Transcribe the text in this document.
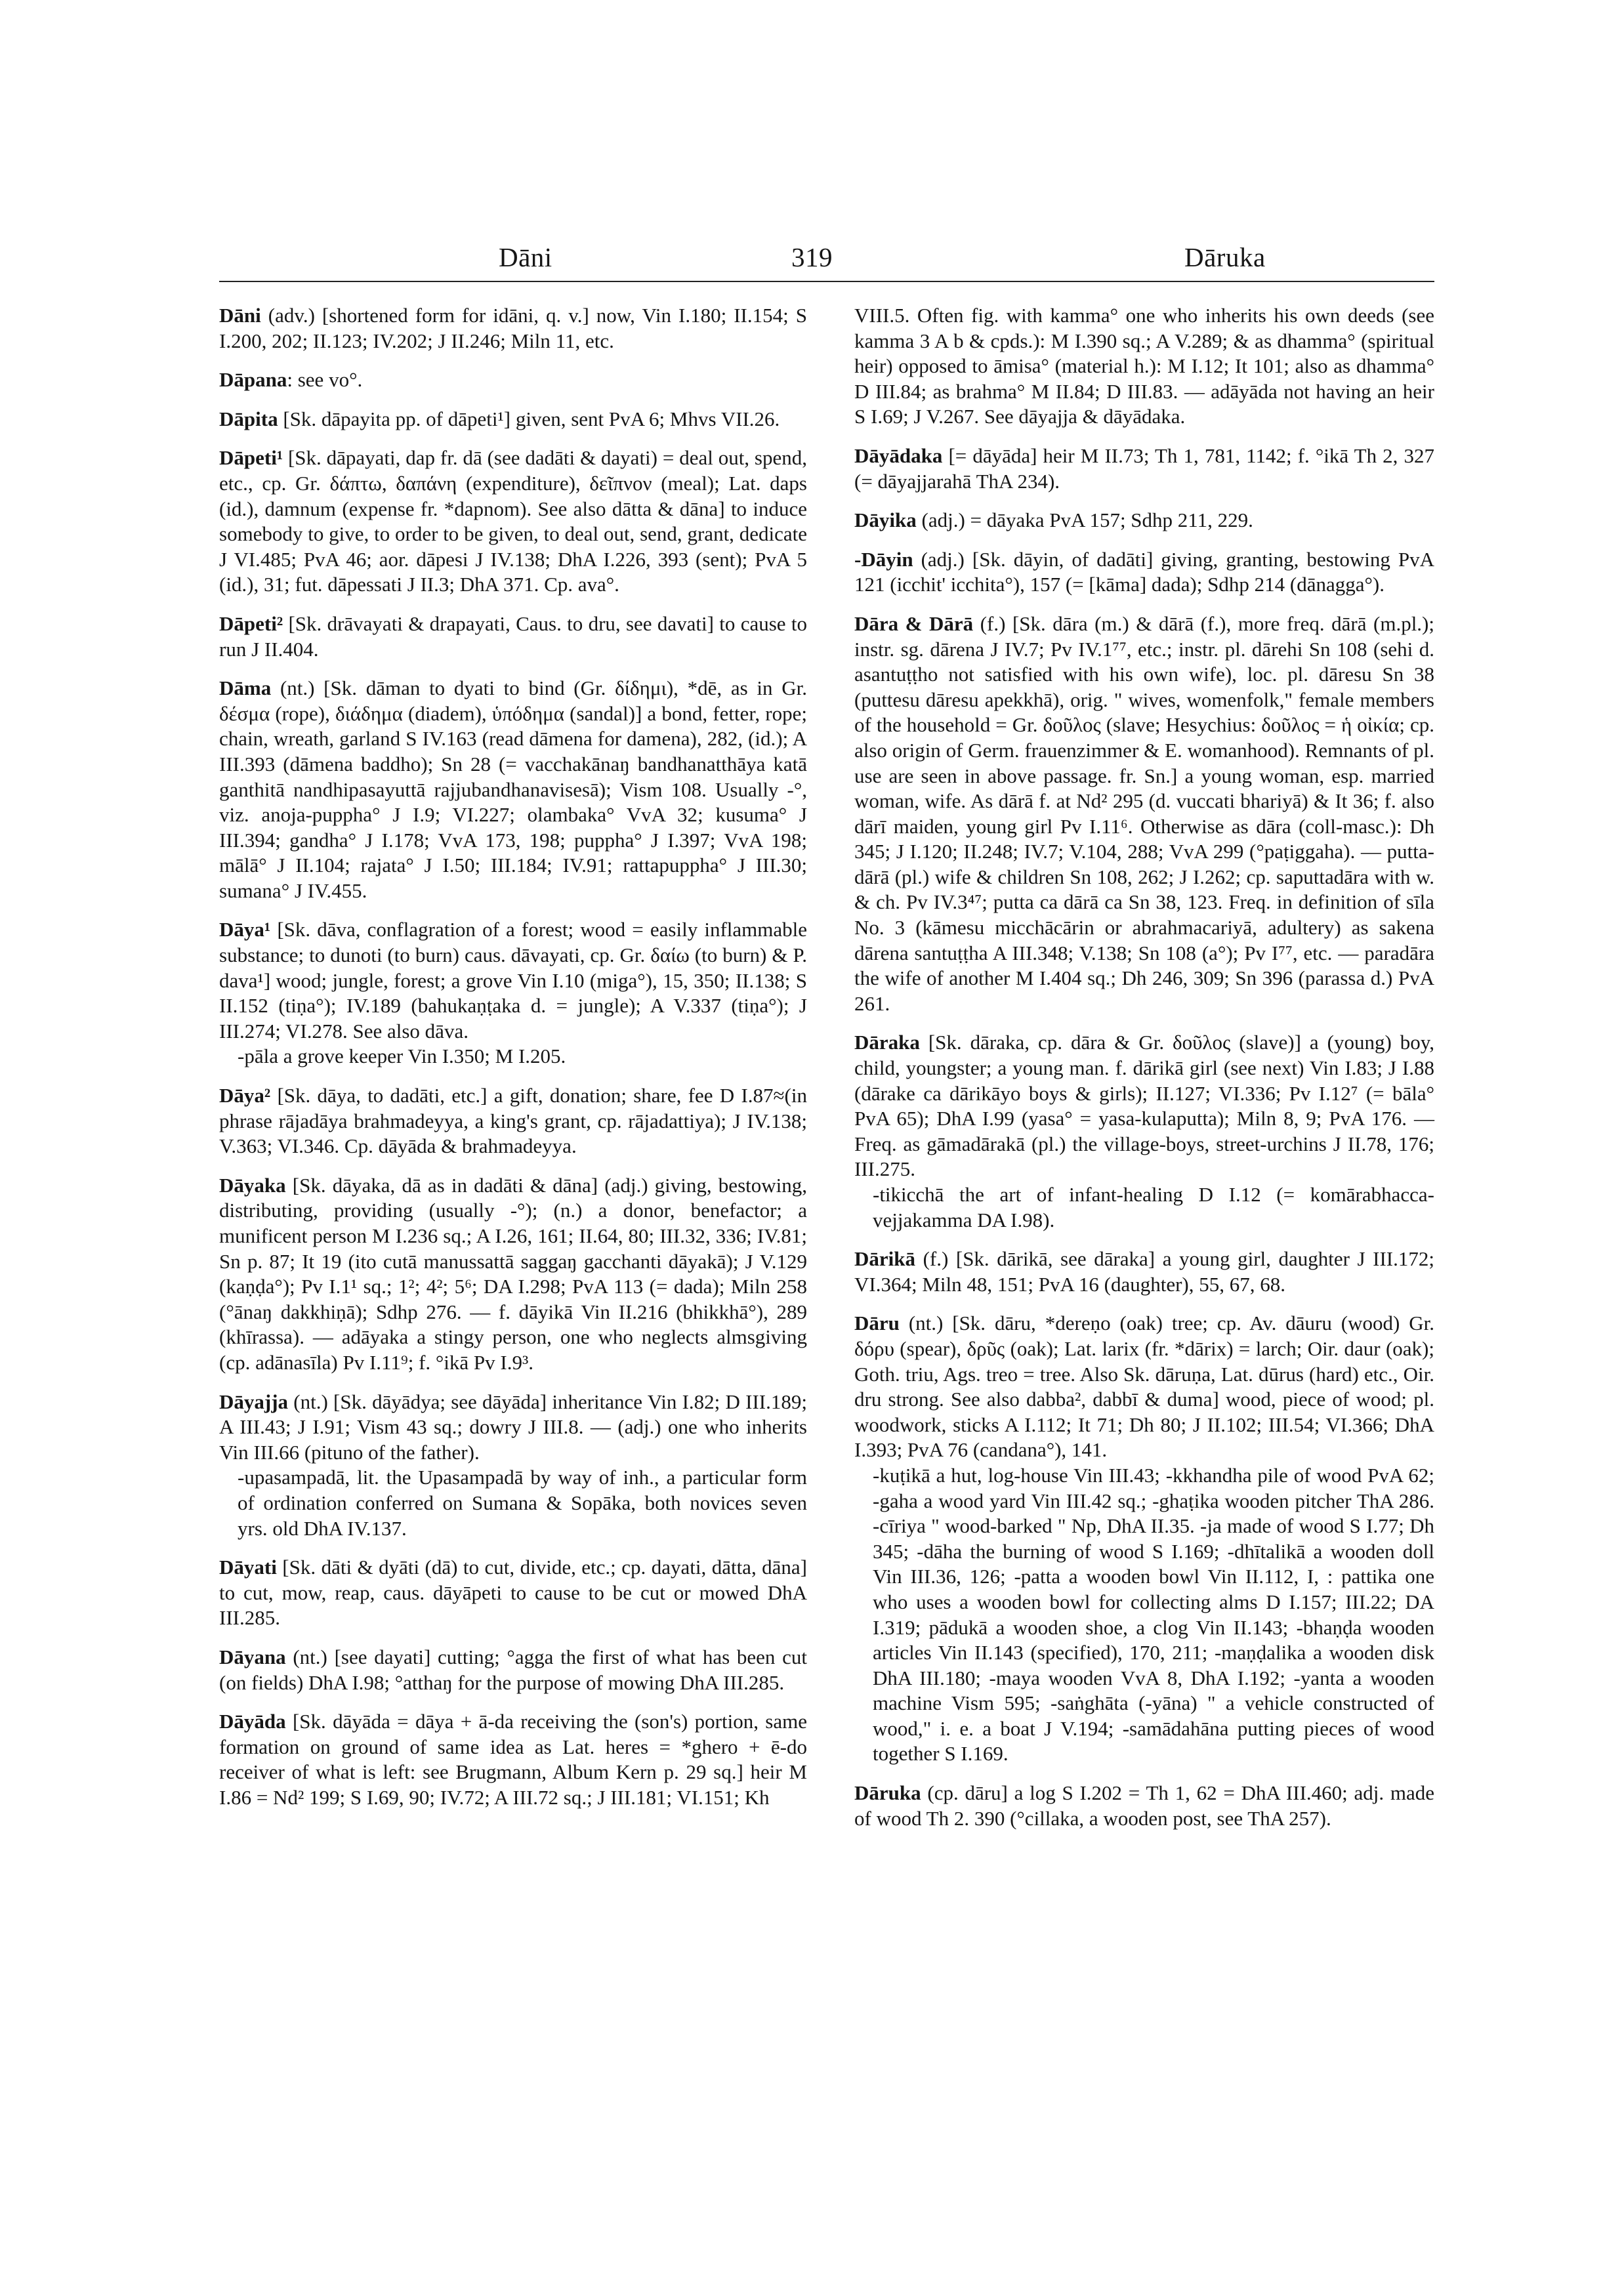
Dāni	319	Dāruka

Dāni (adv.) [shortened form for idāni, q. v.] now, Vin I.180; II.154; S I.200, 202; II.123; IV.202; J II.246; Miln 11, etc.

Dāpana: see vo°.

Dāpita [Sk. dāpayita pp. of dāpeti¹] given, sent PvA 6; Mhvs VII.26.

Dāpeti¹ [Sk. dāpayati, dap fr. dā (see dadāti & dayati) = deal out, spend, etc., cp. Gr. δάπτω, δαπάνη (expenditure), δεῖπνον (meal); Lat. daps (id.), damnum (expense fr. *dapnom). See also dātta & dāna] to induce somebody to give, to order to be given, to deal out, send, grant, dedicate J VI.485; PvA 46; aor. dāpesi J IV.138; DhA I.226, 393 (sent); PvA 5 (id.), 31; fut. dāpessati J II.3; DhA 371. Cp. ava°.

Dāpeti² [Sk. drāvayati & drapayati, Caus. to dru, see davati] to cause to run J II.404.

Dāma (nt.) [Sk. dāman to dyati to bind (Gr. δίδημι), *dē, as in Gr. δέσμα (rope), διάδημα (diadem), ὑπόδημα (sandal)] a bond, fetter, rope; chain, wreath, garland S IV.163 (read dāmena for damena), 282, (id.); A III.393 (dāmena baddho); Sn 28 (= vacchakānaŋ bandhanatthāya katā ganthitā nandhipasayuttā rajjubandhanavisesā); Vism 108. Usually -°, viz. anoja-puppha° J I.9; VI.227; olambaka° VvA 32; kusuma° J III.394; gandha° J I.178; VvA 173, 198; puppha° J I.397; VvA 198; mālā° J II.104; rajata° J I.50; III.184; IV.91; rattapuppha° J III.30; sumana° J IV.455.

Dāya¹ [Sk. dāva, conflagration of a forest; wood = easily inflammable substance; to dunoti (to burn) caus. dāvayati, cp. Gr. δαίω (to burn) & P. dava¹] wood; jungle, forest; a grove Vin I.10 (miga°), 15, 350; II.138; S II.152 (tiṇa°); IV.189 (bahukaṇṭaka d. = jungle); A V.337 (tiṇa°); J III.274; VI.278. See also dāva.
-pāla a grove keeper Vin I.350; M I.205.

Dāya² [Sk. dāya, to dadāti, etc.] a gift, donation; share, fee D I.87≈(in phrase rājadāya brahmadeyya, a king's grant, cp. rājadattiya); J IV.138; V.363; VI.346. Cp. dāyāda & brahmadeyya.

Dāyaka [Sk. dāyaka, dā as in dadāti & dāna] (adj.) giving, bestowing, distributing, providing (usually -°); (n.) a donor, benefactor; a munificent person M I.236 sq.; A I.26, 161; II.64, 80; III.32, 336; IV.81; Sn p. 87; It 19 (ito cutā manussattā saggaŋ gacchanti dāyakā); J V.129 (kaṇḍa°); Pv I.1¹ sq.; 1²; 4²; 5⁶; DA I.298; PvA 113 (= dada); Miln 258 (°ānaŋ dakkhiṇā); Sdhp 276. — f. dāyikā Vin II.216 (bhikkhā°), 289 (khīrassa). — adāyaka a stingy person, one who neglects almsgiving (cp. adānasīla) Pv I.11⁹; f. °ikā Pv I.9³.

Dāyajja (nt.) [Sk. dāyādya; see dāyāda] inheritance Vin I.82; D III.189; A III.43; J I.91; Vism 43 sq.; dowry J III.8. — (adj.) one who inherits Vin III.66 (pituno of the father).
-upasampadā, lit. the Upasampadā by way of inh., a particular form of ordination conferred on Sumana & Sopāka, both novices seven yrs. old DhA IV.137.

Dāyati [Sk. dāti & dyāti (dā) to cut, divide, etc.; cp. dayati, dātta, dāna] to cut, mow, reap, caus. dāyāpeti to cause to be cut or mowed DhA III.285.

Dāyana (nt.) [see dayati] cutting; °agga the first of what has been cut (on fields) DhA I.98; °atthaŋ for the purpose of mowing DhA III.285.

Dāyāda [Sk. dāyāda = dāya + ā-da receiving the (son's) portion, same formation on ground of same idea as Lat. heres = *ghero + ē-do receiver of what is left: see Brugmann, Album Kern p. 29 sq.] heir M I.86 = Nd² 199; S I.69, 90; IV.72; A III.72 sq.; J III.181; VI.151; Kh

VIII.5. Often fig. with kamma° one who inherits his own deeds (see kamma 3 A b & cpds.): M I.390 sq.; A V.289; & as dhamma° (spiritual heir) opposed to āmisa° (material h.): M I.12; It 101; also as dhamma° D III.84; as brahma° M II.84; D III.83. — adāyāda not having an heir S I.69; J V.267. See dāyajja & dāyādaka.

Dāyādaka [= dāyāda] heir M II.73; Th 1, 781, 1142; f. °ikā Th 2, 327 (= dāyajjarahā ThA 234).

Dāyika (adj.) = dāyaka PvA 157; Sdhp 211, 229.

-Dāyin (adj.) [Sk. dāyin, of dadāti] giving, granting, bestowing PvA 121 (icchit' icchita°), 157 (= [kāma] dada); Sdhp 214 (dānagga°).

Dāra & Dārā (f.) [Sk. dāra (m.) & dārā (f.), more freq. dārā (m.pl.); instr. sg. dārena J IV.7; Pv IV.1⁷⁷, etc.; instr. pl. dārehi Sn 108 (sehi d. asantuṭṭho not satisfied with his own wife), loc. pl. dāresu Sn 38 (puttesu dāresu apekkhā), orig. " wives, womenfolk," female members of the household = Gr. δοῦλος (slave; Hesychius: δοῦλος = ἡ οἰκία; cp. also origin of Germ. frauenzimmer & E. womanhood). Remnants of pl. use are seen in above passage. fr. Sn.] a young woman, esp. married woman, wife. As dārā f. at Nd² 295 (d. vuccati bhariyā) & It 36; f. also dārī maiden, young girl Pv I.11⁶. Otherwise as dāra (coll-masc.): Dh 345; J I.120; II.248; IV.7; V.104, 288; VvA 299 (°paṭiggaha). — putta-dārā (pl.) wife & children Sn 108, 262; J I.262; cp. saputtadāra with w. & ch. Pv IV.3⁴⁷; putta ca dārā ca Sn 38, 123. Freq. in definition of sīla No. 3 (kāmesu micchācārin or abrahmacariyā, adultery) as sakena dārena santuṭṭha A III.348; V.138; Sn 108 (a°); Pv I⁷⁷, etc. — paradāra the wife of another M I.404 sq.; Dh 246, 309; Sn 396 (parassa d.) PvA 261.

Dāraka [Sk. dāraka, cp. dāra & Gr. δοῦλος (slave)] a (young) boy, child, youngster; a young man. f. dārikā girl (see next) Vin I.83; J I.88 (dārake ca dārikāyo boys & girls); II.127; VI.336; Pv I.12⁷ (= bāla° PvA 65); DhA I.99 (yasa° = yasa-kulaputta); Miln 8, 9; PvA 176. — Freq. as gāmadārakā (pl.) the village-boys, street-urchins J II.78, 176; III.275.
-tikicchā the art of infant-healing D I.12 (= komārabhacca-vejjakamma DA I.98).

Dārikā (f.) [Sk. dārikā, see dāraka] a young girl, daughter J III.172; VI.364; Miln 48, 151; PvA 16 (daughter), 55, 67, 68.

Dāru (nt.) [Sk. dāru, *dereṇo (oak) tree; cp. Av. dāuru (wood) Gr. δόρυ (spear), δρῦς (oak); Lat. larix (fr. *dārix) = larch; Oir. daur (oak); Goth. triu, Ags. treo = tree. Also Sk. dāruṇa, Lat. dūrus (hard) etc., Oir. dru strong. See also dabba², dabbī & duma] wood, piece of wood; pl. woodwork, sticks A I.112; It 71; Dh 80; J II.102; III.54; VI.366; DhA I.393; PvA 76 (candana°), 141.
-kuṭikā a hut, log-house Vin III.43; -kkhandha pile of wood PvA 62; -gaha a wood yard Vin III.42 sq.; -ghaṭika wooden pitcher ThA 286. -cīriya " wood-barked " Np, DhA II.35. -ja made of wood S I.77; Dh 345; -dāha the burning of wood S I.169; -dhītalikā a wooden doll Vin III.36, 126; -patta a wooden bowl Vin II.112, I, : pattika one who uses a wooden bowl for collecting alms D I.157; III.22; DA I.319; pādukā a wooden shoe, a clog Vin II.143; -bhaṇḍa wooden articles Vin II.143 (specified), 170, 211; -maṇḍalika a wooden disk DhA III.180; -maya wooden VvA 8, DhA I.192; -yanta a wooden machine Vism 595; -saṅghāta (-yāna) " a vehicle constructed of wood," i. e. a boat J V.194; -samādahāna putting pieces of wood together S I.169.

Dāruka (cp. dāru] a log S I.202 = Th 1, 62 = DhA III.460; adj. made of wood Th 2. 390 (°cillaka, a wooden post, see ThA 257).
